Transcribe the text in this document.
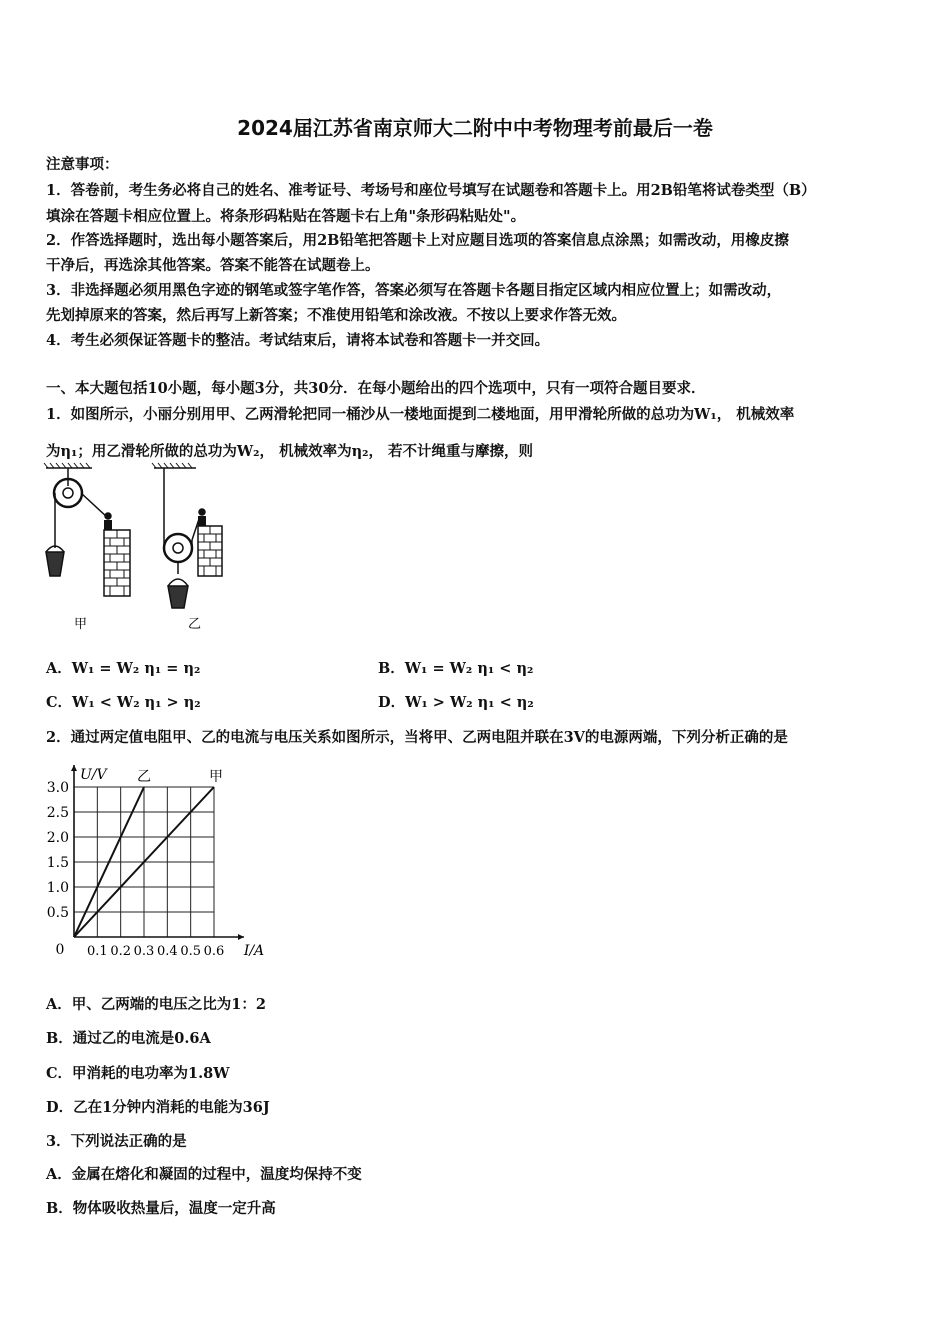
2024届江苏省南京师大二附中中考物理考前最后一卷
注意事项：
1．答卷前，考生务必将自己的姓名、准考证号、考场号和座位号填写在试题卷和答题卡上。用2B铅笔将试卷类型（B）
填涂在答题卡相应位置上。将条形码粘贴在答题卡右上角"条形码粘贴处"。
2．作答选择题时，选出每小题答案后，用2B铅笔把答题卡上对应题目选项的答案信息点涂黑；如需改动，用橡皮擦
干净后，再选涂其他答案。答案不能答在试题卷上。
3．非选择题必须用黑色字迹的钢笔或签字笔作答，答案必须写在答题卡各题目指定区域内相应位置上；如需改动，
先划掉原来的答案，然后再写上新答案；不准使用铅笔和涂改液。不按以上要求作答无效。
4．考生必须保证答题卡的整洁。考试结束后，请将本试卷和答题卡一并交回。
一、本大题包括10小题，每小题3分，共30分．在每小题给出的四个选项中，只有一项符合题目要求．
1．如图所示，小丽分别用甲、乙两滑轮把同一桶沙从一楼地面提到二楼地面，用甲滑轮所做的总功为W₁， 机械效率
为η₁；用乙滑轮所做的总功为W₂， 机械效率为η₂， 若不计绳重与摩擦，则
甲	乙
A．W₁ = W₂ η₁ = η₂	B．W₁ = W₂ η₁ < η₂
C．W₁ < W₂ η₁ > η₂	D．W₁ > W₂ η₁ < η₂
2．通过两定值电阻甲、乙的电流与电压关系如图所示，当将甲、乙两电阻并联在3V的电源两端，下列分析正确的是
3.0
2.5
2.0
1.5
1.0
0.5
0.1 0.2 0.3 0.4 0.5 0.6
0	I/A
U/V 乙	甲
A．甲、乙两端的电压之比为1：2
B．通过乙的电流是0.6A
C．甲消耗的电功率为1.8W
D．乙在1分钟内消耗的电能为36J
3．下列说法正确的是
A．金属在熔化和凝固的过程中，温度均保持不变
B．物体吸收热量后，温度一定升高
